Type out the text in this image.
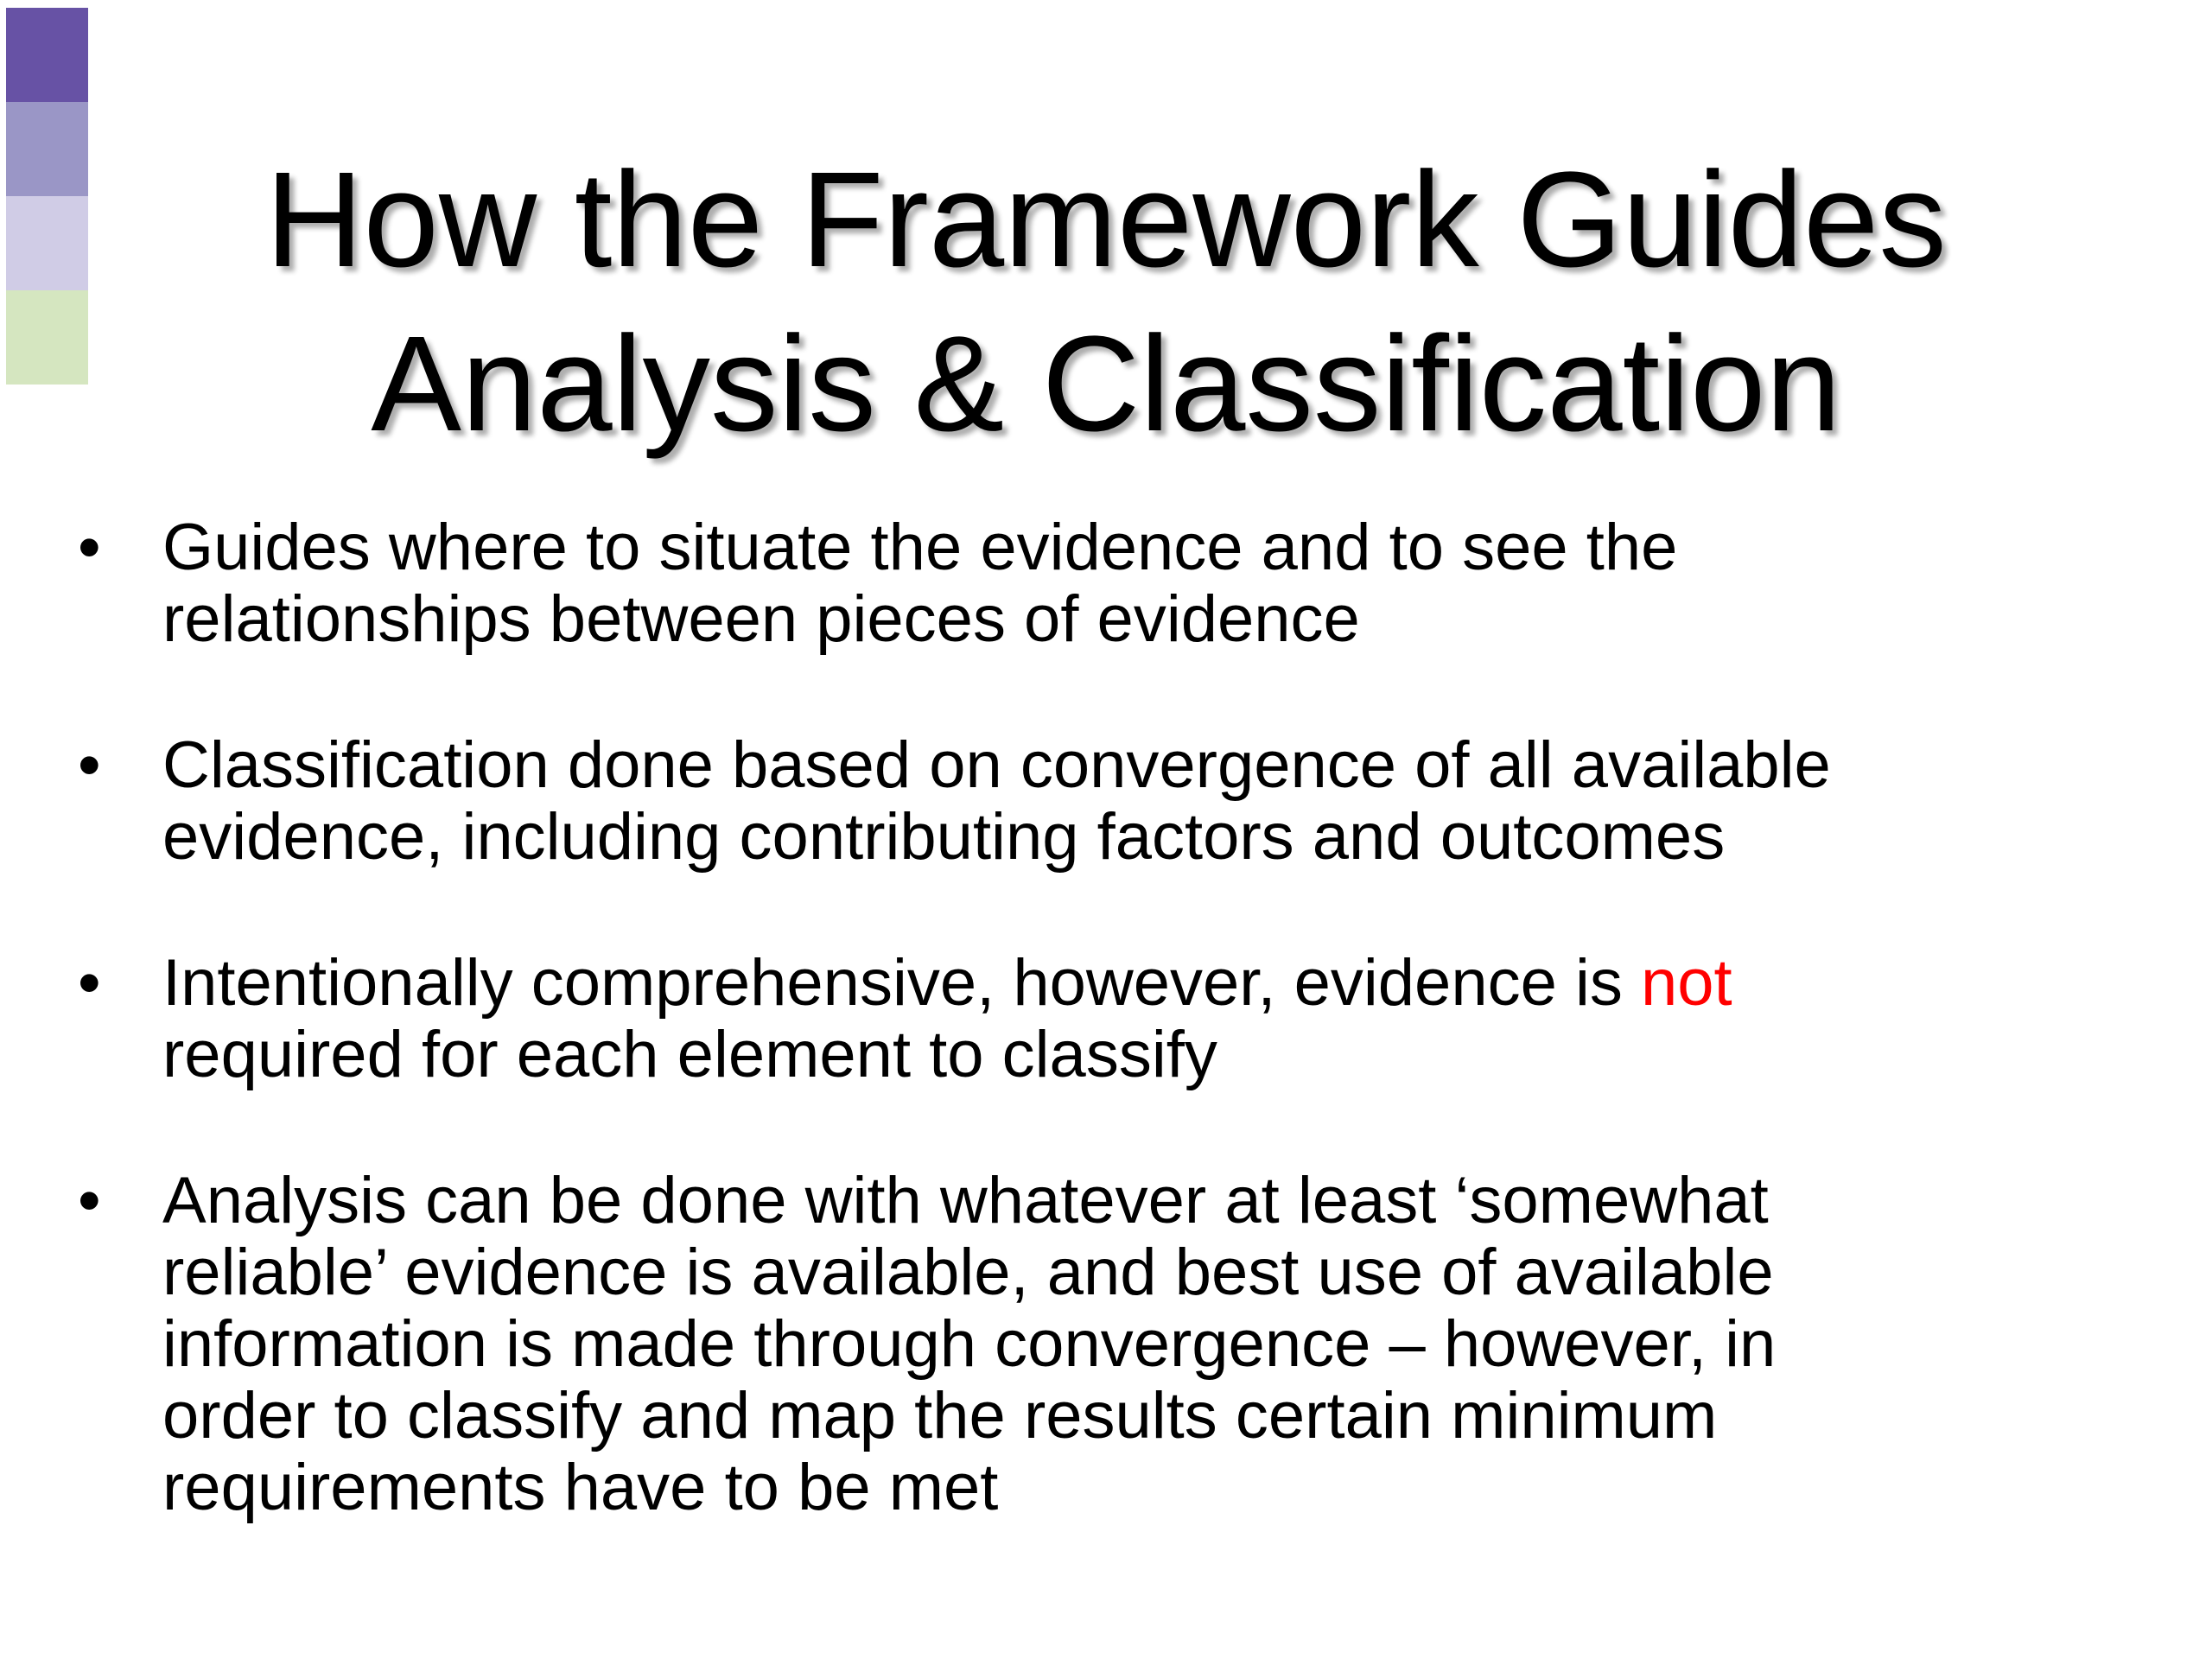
How the Framework Guides
Analysis & Classification
• Guides where to situate the evidence and to see the
relationships between pieces of evidence
• Classification done based on convergence of all available
evidence, including contributing factors and outcomes
• Intentionally comprehensive, however, evidence is not
required for each element to classify
• Analysis can be done with whatever at least ‘somewhat
reliable’ evidence is available, and best use of available
information is made through convergence – however, in
order to classify and map the results certain minimum
requirements have to be met
